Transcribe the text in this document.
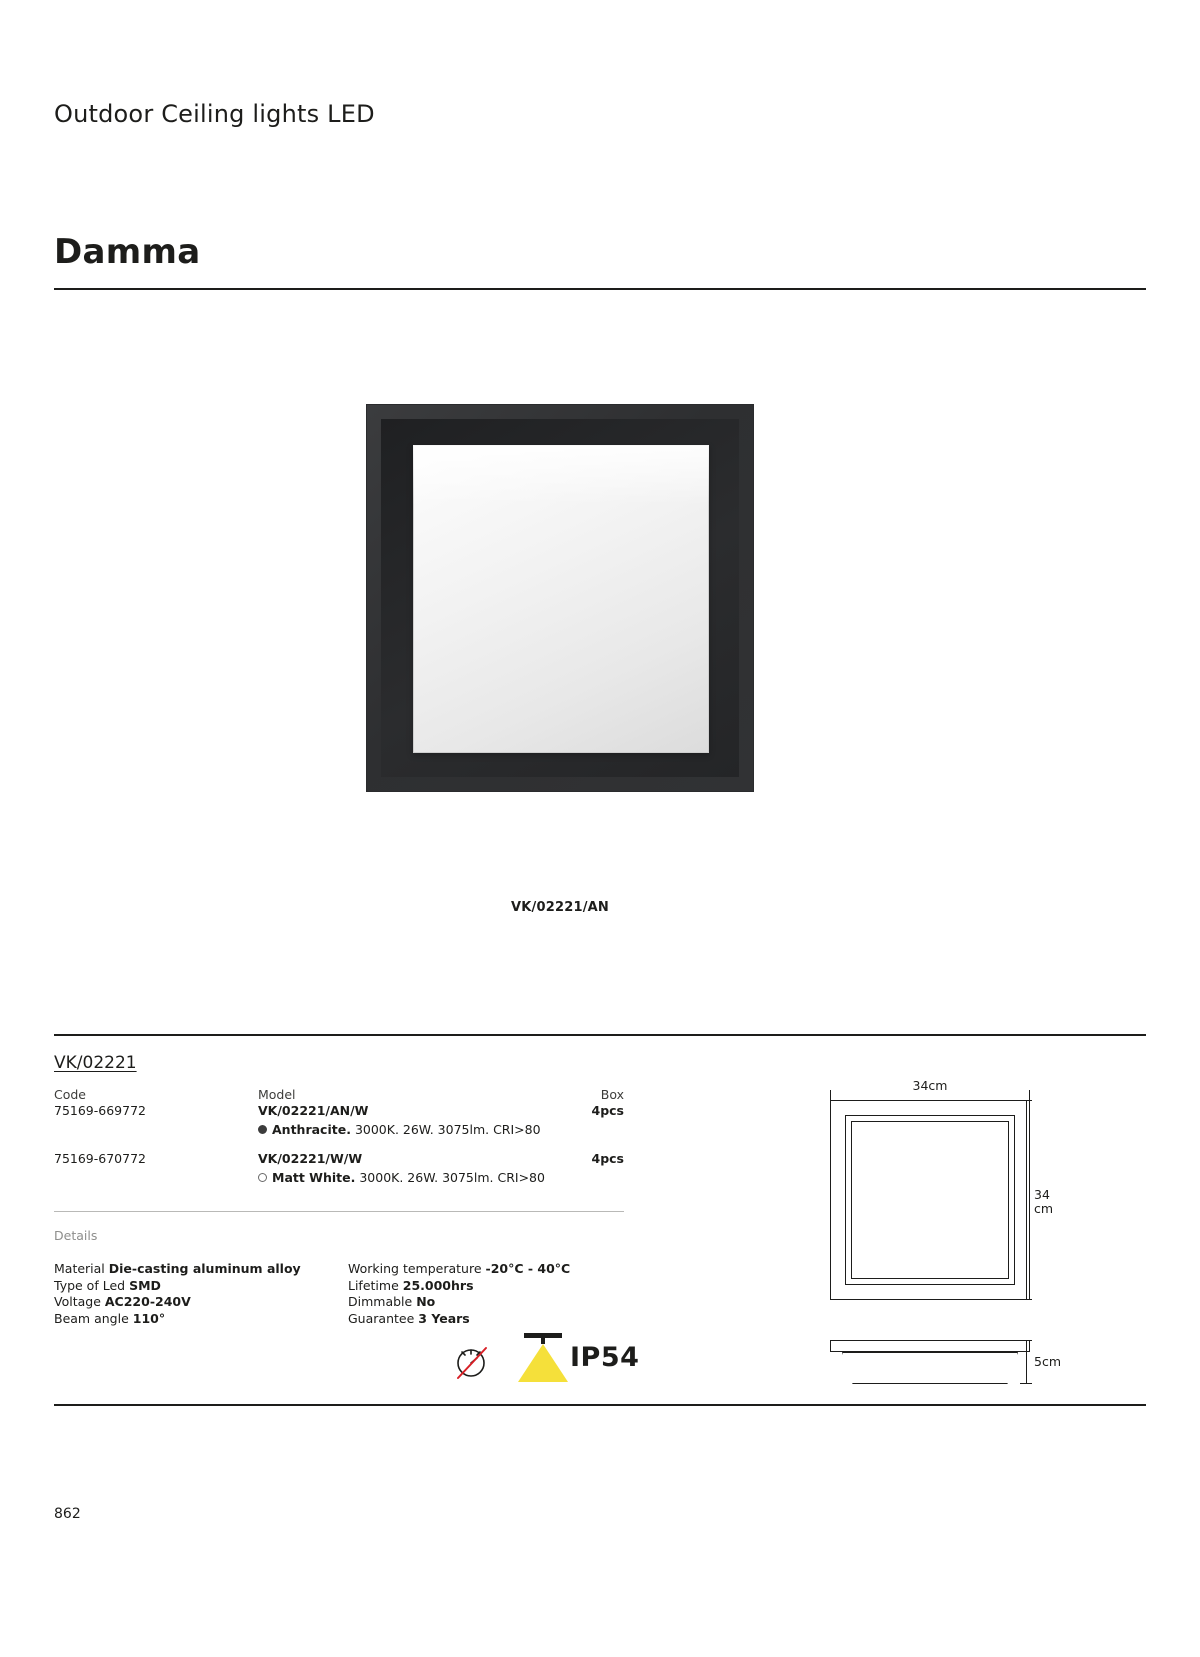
Outdoor Ceiling lights LED
Damma
VK/02221/AN
VK/02221
Code	Model	Box
75169-669772	VK/02221/AN/W	4pcs
Anthracite. 3000K. 26W. 3075lm. CRI>80
75169-670772	VK/02221/W/W	4pcs
Matt White. 3000K. 26W. 3075lm. CRI>80
Details
Material Die-casting aluminum alloy
Type of Led SMD
Voltage AC220-240V
Beam angle 110°
Working temperature -20°C - 40°C
Lifetime 25.000hrs
Dimmable No
Guarantee 3 Years
IP54
34cm
34
cm
5cm
862
